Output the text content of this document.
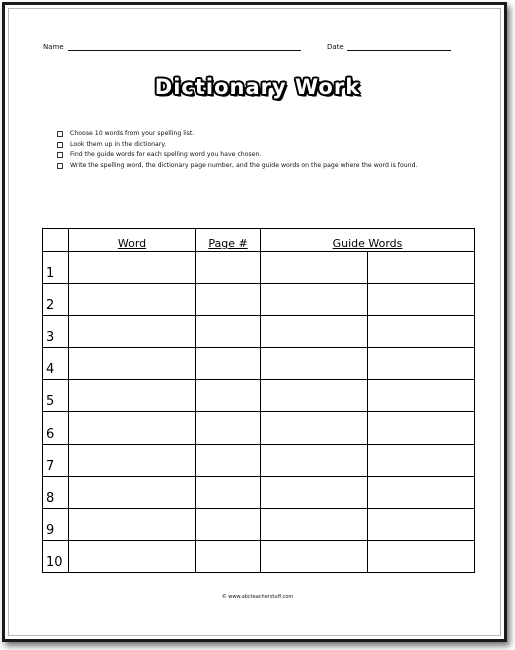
Name	Date
Dictionary Work
Choose 10 words from your spelling list.
Look them up in the dictionary.
Find the guide words for each spelling word you have chosen.
Write the spelling word, the dictionary page number, and the guide words on the page where the word is found.
	Word	Page #	Guide Words	
1				
2				
3				
4				
5				
6				
7				
8				
9				
10				
© www.abcteacherstuff.com
